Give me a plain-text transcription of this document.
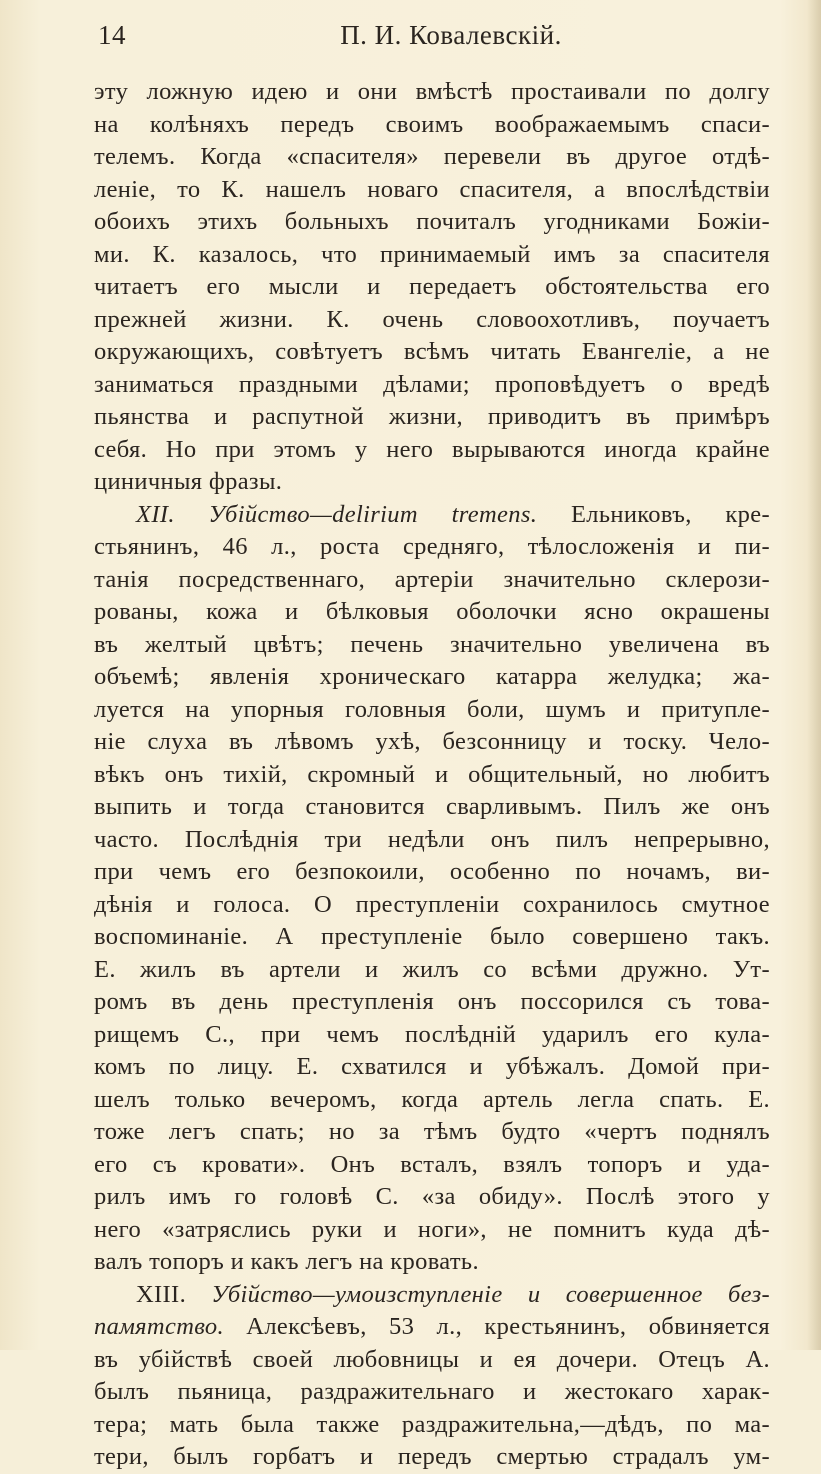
14	П. И. Ковалевскій.
эту ложную идею и они вмѣстѣ простаивали по долгу
на колѣняхъ передъ своимъ воображаемымъ спаси-
телемъ. Когда «спасителя» перевели въ другое отдѣ-
леніе, то К. нашелъ новаго спасителя, а впослѣдствіи
обоихъ этихъ больныхъ почиталъ угодниками Божіи-
ми. К. казалось, что принимаемый имъ за спасителя
читаетъ его мысли и передаетъ обстоятельства его
прежней жизни. К. очень словоохотливъ, поучаетъ
окружающихъ, совѣтуетъ всѣмъ читать Евангеліе, а не
заниматься праздными дѣлами; проповѣдуетъ о вредѣ
пьянства и распутной жизни, приводитъ въ примѣръ
себя. Но при этомъ у него вырываются иногда крайне
циничныя фразы.
XII. Убійство—delirium tremens. Ельниковъ, кре-
стьянинъ, 46 л., роста средняго, тѣлосложенія и пи-
танія посредственнаго, артеріи значительно склерози-
рованы, кожа и бѣлковыя оболочки ясно окрашены
въ желтый цвѣтъ; печень значительно увеличена въ
объемѣ; явленія хроническаго катарра желудка; жа-
луется на упорныя головныя боли, шумъ и притупле-
ніе слуха въ лѣвомъ ухѣ, безсонницу и тоску. Чело-
вѣкъ онъ тихій, скромный и общительный, но любитъ
выпить и тогда становится сварливымъ. Пилъ же онъ
часто. Послѣднія три недѣли онъ пилъ непрерывно,
при чемъ его безпокоили, особенно по ночамъ, ви-
дѣнія и голоса. О преступленіи сохранилось смутное
воспоминаніе. А преступленіе было совершено такъ.
Е. жилъ въ артели и жилъ со всѣми дружно. Ут-
ромъ въ день преступленія онъ поссорился съ това-
рищемъ С., при чемъ послѣдній ударилъ его кула-
комъ по лицу. Е. схватился и убѣжалъ. Домой при-
шелъ только вечеромъ, когда артель легла спать. Е.
тоже легъ спать; но за тѣмъ будто «чертъ поднялъ
его съ кровати». Онъ всталъ, взялъ топоръ и уда-
рилъ имъ го головѣ С. «за обиду». Послѣ этого у
него «затряслись руки и ноги», не помнитъ куда дѣ-
валъ топоръ и какъ легъ на кровать.
XIII. Убійство—умоизступленіе и совершенное без-
памятство. Алексѣевъ, 53 л., крестьянинъ, обвиняется
въ убійствѣ своей любовницы и ея дочери. Отецъ А.
былъ пьяница, раздражительнаго и жестокаго харак-
тера; мать была также раздражительна,—дѣдъ, по ма-
тери, былъ горбатъ и передъ смертью страдалъ ум-
